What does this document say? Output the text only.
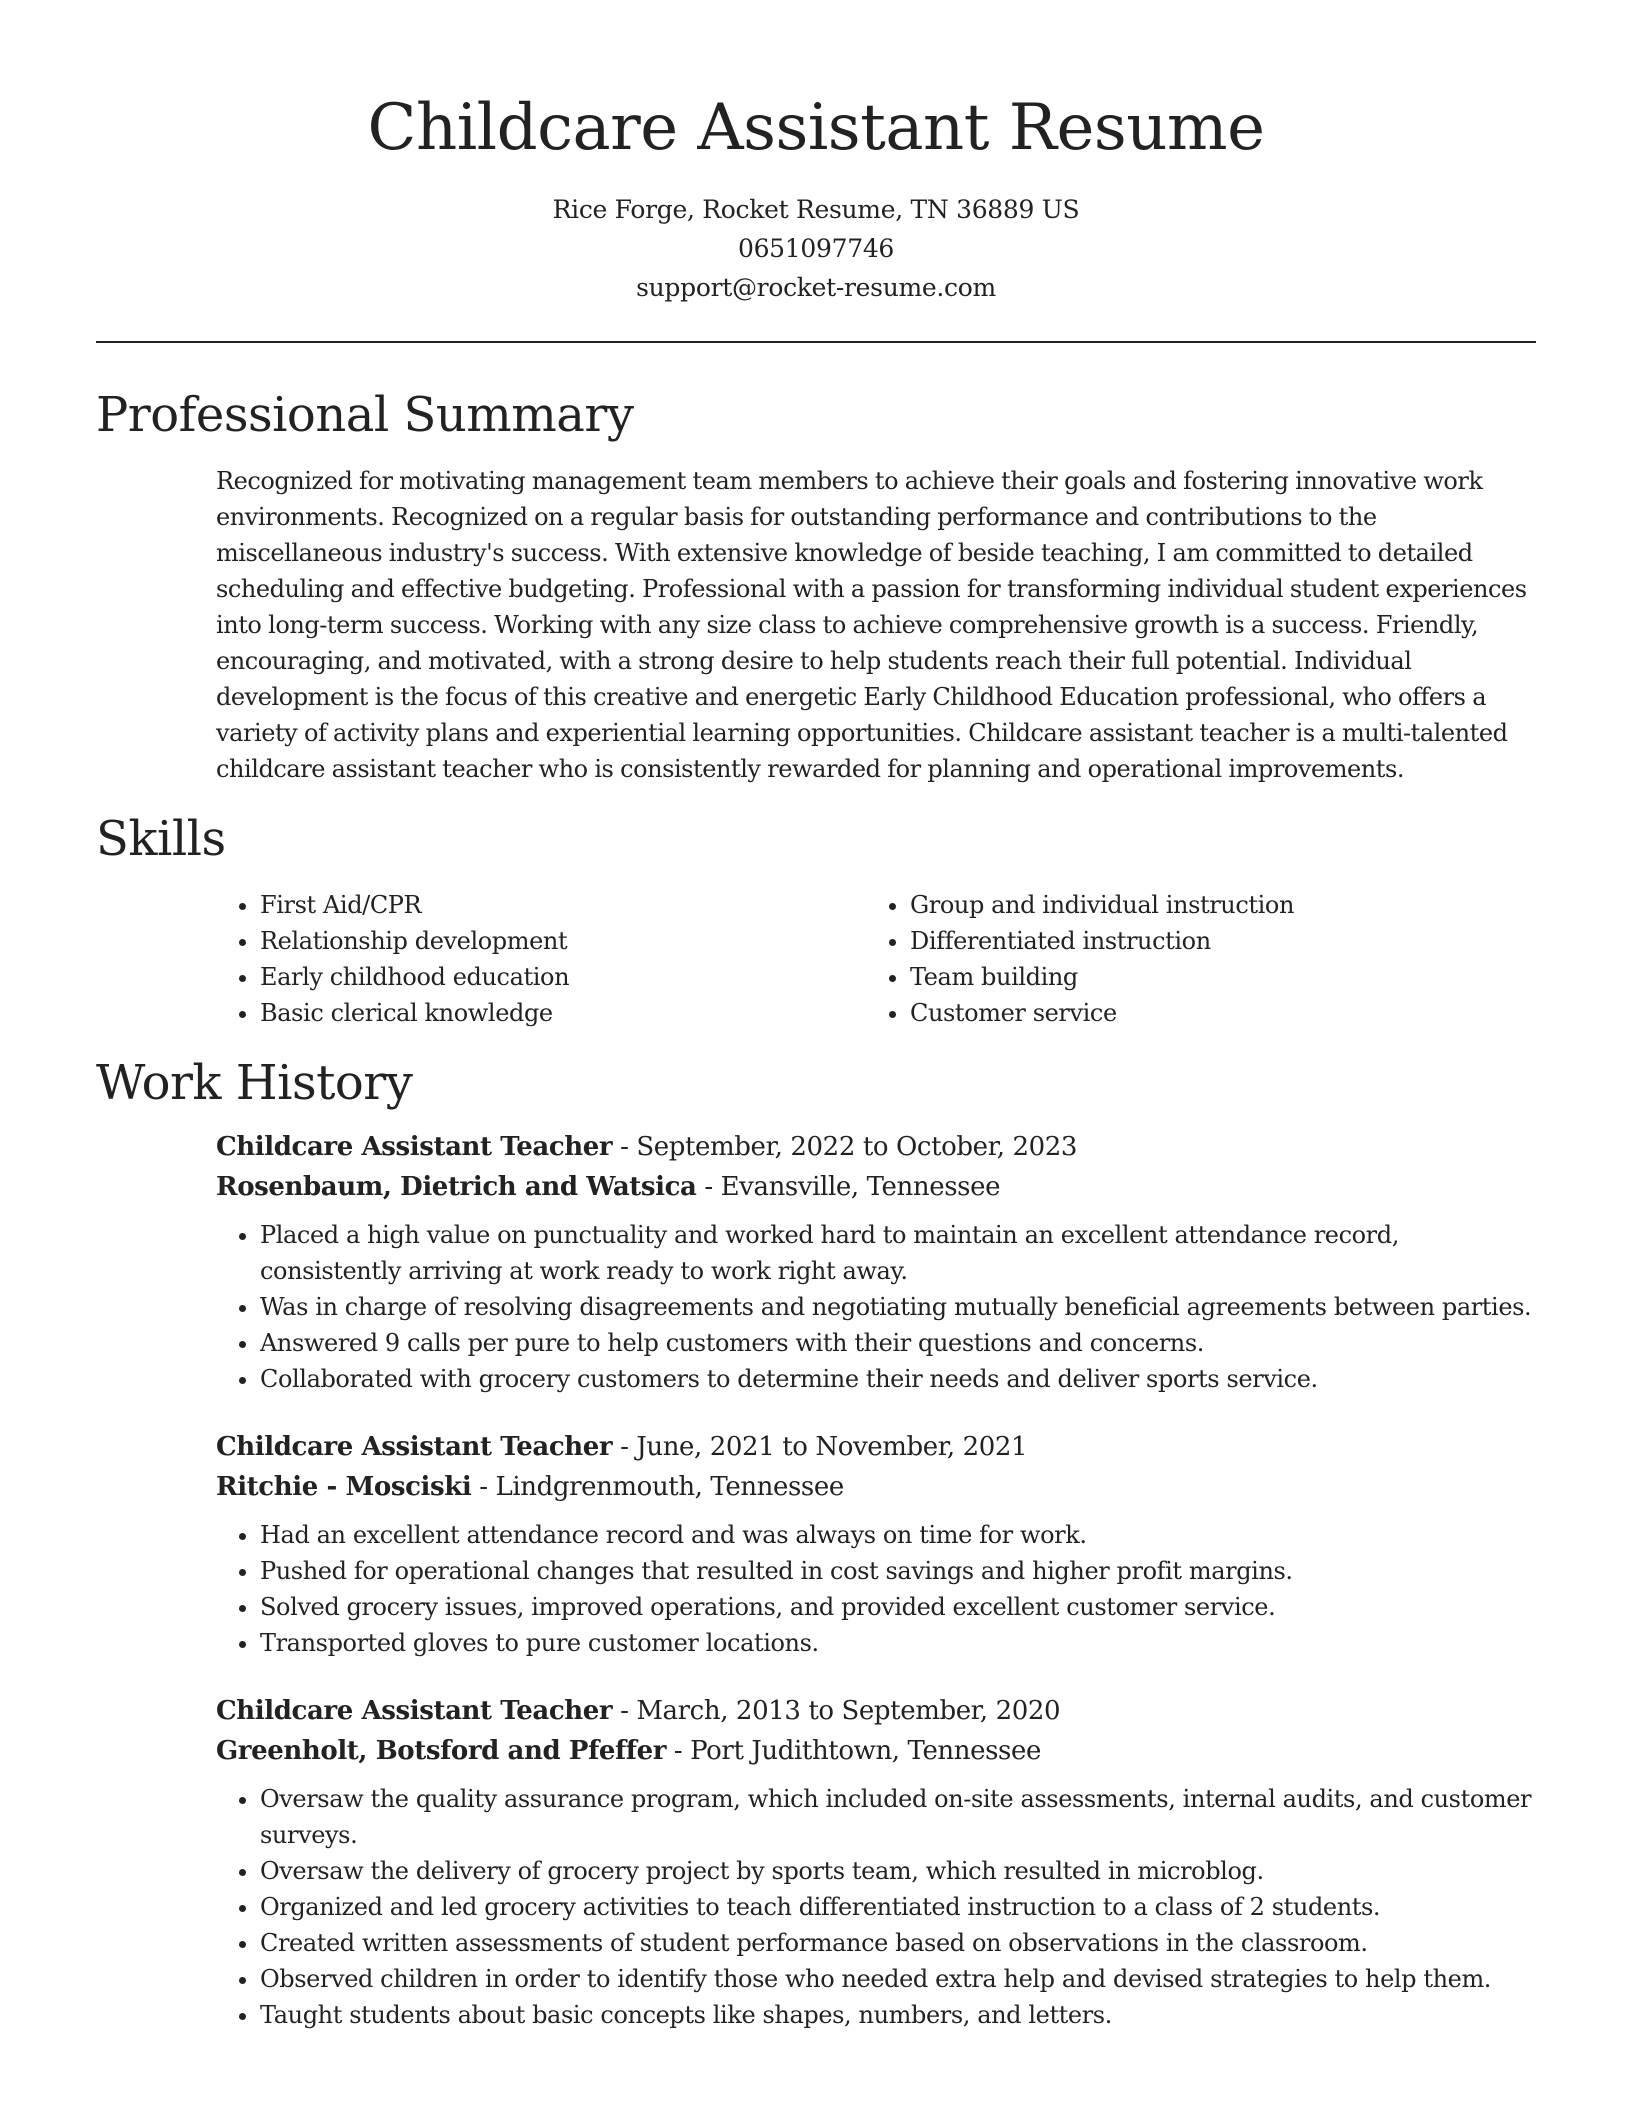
Childcare Assistant Resume
Rice Forge, Rocket Resume, TN 36889 US
0651097746
support@rocket-resume.com
Professional Summary

Recognized for motivating management team members to achieve their goals and fostering innovative work environments. Recognized on a regular basis for outstanding performance and contributions to the miscellaneous industry's success. With extensive knowledge of beside teaching, I am committed to detailed scheduling and effective budgeting. Professional with a passion for transforming individual student experiences into long-term success. Working with any size class to achieve comprehensive growth is a success. Friendly, encouraging, and motivated, with a strong desire to help students reach their full potential. Individual development is the focus of this creative and energetic Early Childhood Education professional, who offers a variety of activity plans and experiential learning opportunities. Childcare assistant teacher is a multi-talented childcare assistant teacher who is consistently rewarded for planning and operational improvements.

Skills
• First Aid/CPR
• Relationship development
• Early childhood education
• Basic clerical knowledge
• Group and individual instruction
• Differentiated instruction
• Team building
• Customer service
Work History
Childcare Assistant Teacher - September, 2022 to October, 2023
Rosenbaum, Dietrich and Watsica - Evansville, Tennessee
• Placed a high value on punctuality and worked hard to maintain an excellent attendance record, consistently arriving at work ready to work right away.
• Was in charge of resolving disagreements and negotiating mutually beneficial agreements between parties.
• Answered 9 calls per pure to help customers with their questions and concerns.
• Collaborated with grocery customers to determine their needs and deliver sports service.
Childcare Assistant Teacher - June, 2021 to November, 2021
Ritchie - Mosciski - Lindgrenmouth, Tennessee
• Had an excellent attendance record and was always on time for work.
• Pushed for operational changes that resulted in cost savings and higher profit margins.
• Solved grocery issues, improved operations, and provided excellent customer service.
• Transported gloves to pure customer locations.
Childcare Assistant Teacher - March, 2013 to September, 2020
Greenholt, Botsford and Pfeffer - Port Judithtown, Tennessee
• Oversaw the quality assurance program, which included on-site assessments, internal audits, and customer surveys.
• Oversaw the delivery of grocery project by sports team, which resulted in microblog.
• Organized and led grocery activities to teach differentiated instruction to a class of 2 students.
• Created written assessments of student performance based on observations in the classroom.
• Observed children in order to identify those who needed extra help and devised strategies to help them.
• Taught students about basic concepts like shapes, numbers, and letters.
